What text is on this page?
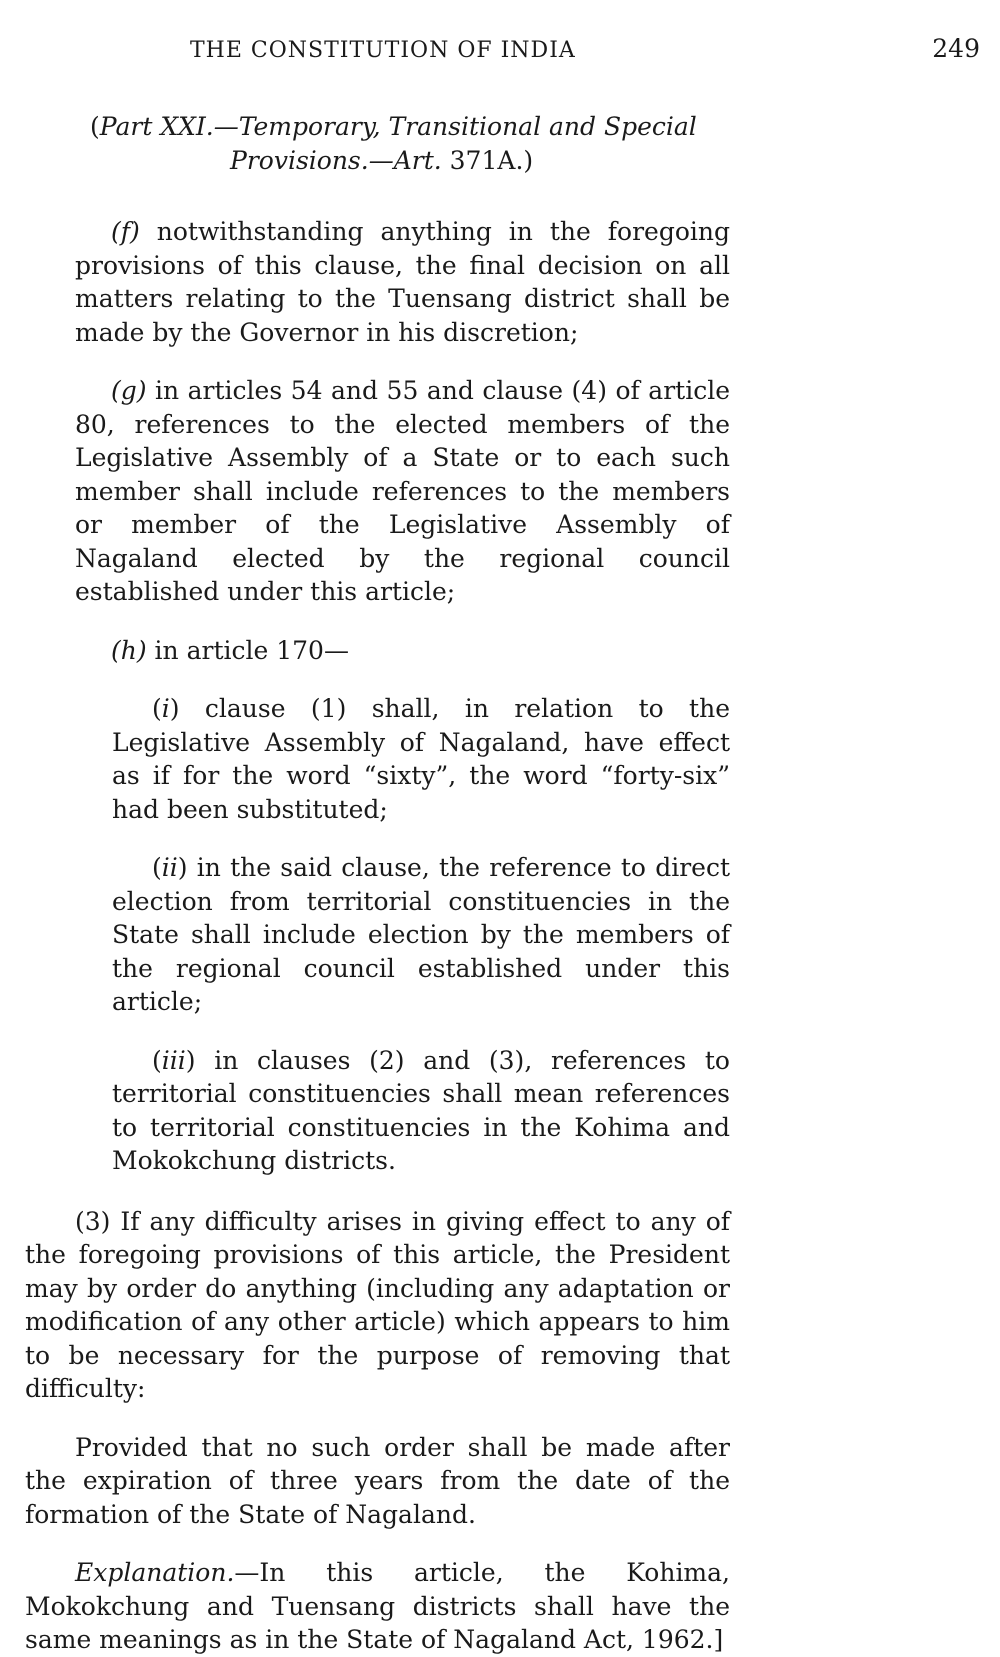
THE CONSTITUTION OF INDIA	249
(Part XXI.—Temporary, Transitional and Special
Provisions.—Art. 371A.)

(f) notwithstanding anything in the foregoing provisions of this clause, the final decision on all matters relating to the Tuensang district shall be made by the Governor in his discretion;

(g) in articles 54 and 55 and clause (4) of article 80, references to the elected members of the Legislative Assembly of a State or to each such member shall include references to the members or member of the Legislative Assembly of Nagaland elected by the regional council established under this article;

(h) in article 170—

(i) clause (1) shall, in relation to the Legislative Assembly of Nagaland, have effect as if for the word “sixty”, the word “forty-six” had been substituted;

(ii) in the said clause, the reference to direct election from territorial constituencies in the State shall include election by the members of the regional council established under this article;

(iii) in clauses (2) and (3), references to territorial constituencies shall mean references to territorial constituencies in the Kohima and Mokokchung districts.

(3) If any difficulty arises in giving effect to any of the foregoing provisions of this article, the President may by order do anything (including any adaptation or modification of any other article) which appears to him to be necessary for the purpose of removing that difficulty:

Provided that no such order shall be made after the expiration of three years from the date of the formation of the State of Nagaland.

Explanation.—In this article, the Kohima, Mokokchung and Tuensang districts shall have the same meanings as in the State of Nagaland Act, 1962.]
